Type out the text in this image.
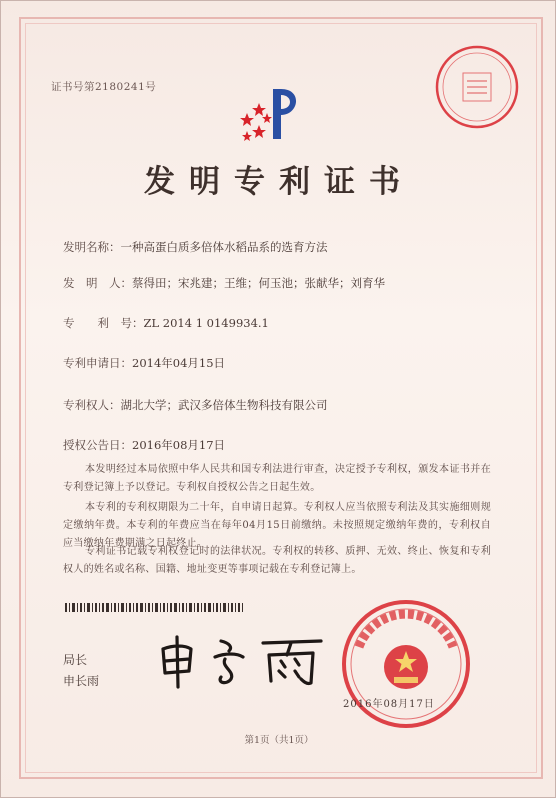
证书号第2180241号
发明专利证书
发明名称：一种高蛋白质多倍体水稻品系的选育方法
发　明　人：蔡得田；宋兆建；王维；何玉池；张献华；刘育华
专　　利　号：ZL 2014 1 0149934.1
专利申请日：2014年04月15日
专利权人：湖北大学；武汉多倍体生物科技有限公司
授权公告日：2016年08月17日
本发明经过本局依照中华人民共和国专利法进行审查，决定授予专利权，颁发本证书并在专利登记簿上予以登记。专利权自授权公告之日起生效。
本专利的专利权期限为二十年，自申请日起算。专利权人应当依照专利法及其实施细则规定缴纳年费。本专利的年费应当在每年04月15日前缴纳。未按照规定缴纳年费的，专利权自应当缴纳年费期满之日起终止。
专利证书记载专利权登记时的法律状况。专利权的转移、质押、无效、终止、恢复和专利权人的姓名或名称、国籍、地址变更等事项记载在专利登记簿上。
局长
申长雨
2016年08月17日
第1页（共1页）
